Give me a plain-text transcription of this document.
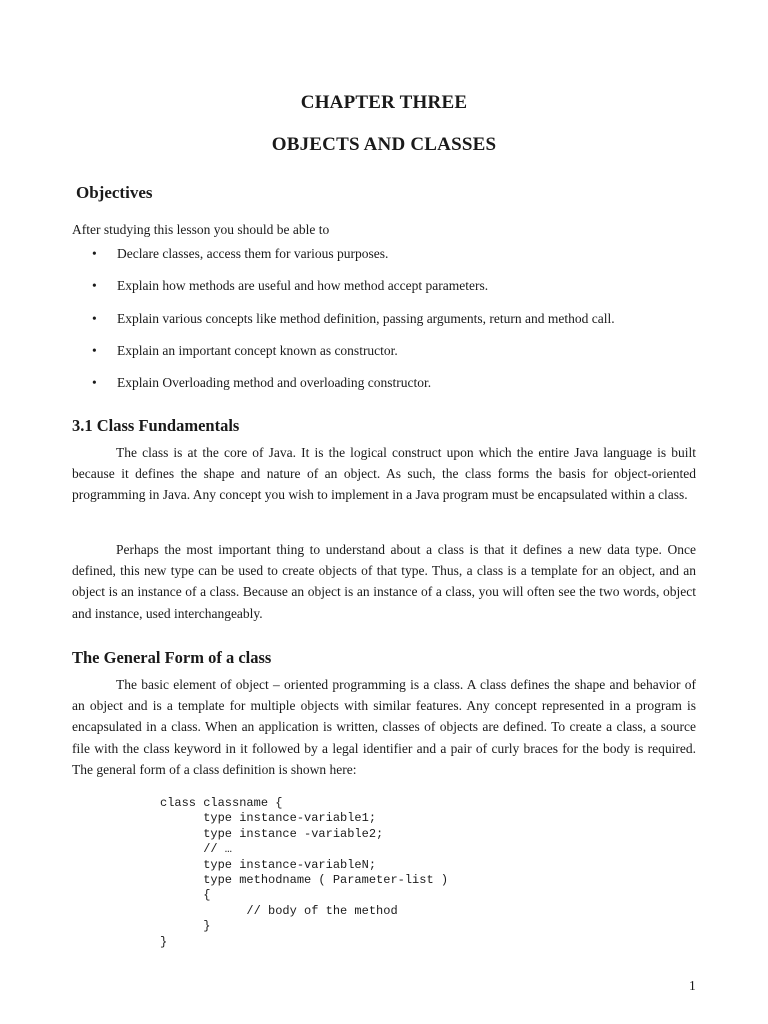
CHAPTER THREE
OBJECTS AND CLASSES
Objectives
After studying this lesson you should be able to
• Declare classes, access them for various purposes.
• Explain how methods are useful and how method accept parameters.
• Explain various concepts like method definition, passing arguments, return and method call.
• Explain an important concept known as constructor.
• Explain Overloading method and overloading constructor.
3.1 Class Fundamentals

The class is at the core of Java. It is the logical construct upon which the entire Java language is built because it defines the shape and nature of an object. As such, the class forms the basis for object-oriented programming in Java. Any concept you wish to implement in a Java program must be encapsulated within a class.

Perhaps the most important thing to understand about a class is that it defines a new data type. Once defined, this new type can be used to create objects of that type. Thus, a class is a template for an object, and an object is an instance of a class. Because an object is an instance of a class, you will often see the two words, object and instance, used interchangeably.

The General Form of a class

The basic element of object – oriented programming is a class. A class defines the shape and behavior of an object and is a template for multiple objects with similar features. Any concept represented in a program is encapsulated in a class. When an application is written, classes of objects are defined. To create a class, a source file with the class keyword in it followed by a legal identifier and a pair of curly braces for the body is required. The general form of a class definition is shown here:

class classname {
type instance-variable1;
type instance -variable2;
// …
type instance-variableN;
type methodname ( Parameter-list )
{
// body of the method
}
}
1
